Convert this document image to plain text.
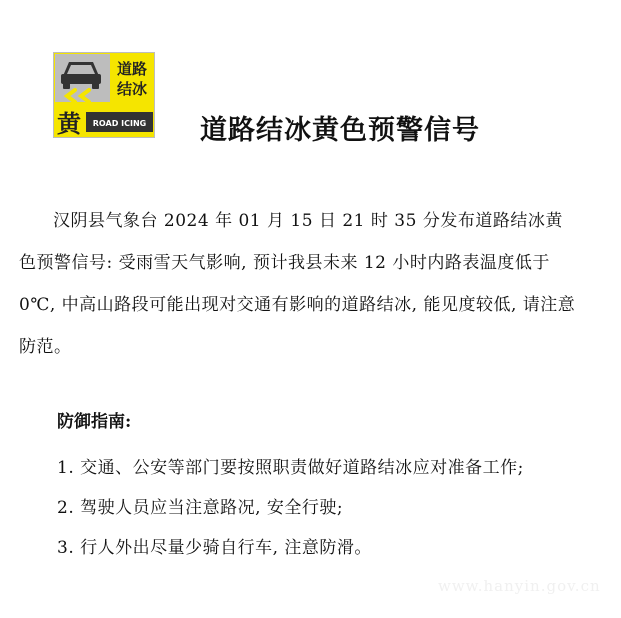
道路
结冰
黄 ROAD ICING 道路结冰黄色预警信号
汉阴县气象台 2024 年 01 月 15 日 21 时 35 分发布道路结冰黄色预警信号: 受雨雪天气影响, 预计我县未来 12 小时内路表温度低于 0℃, 中高山路段可能出现对交通有影响的道路结冰, 能见度较低, 请注意防范。
防御指南:
1. 交通、公安等部门要按照职责做好道路结冰应对准备工作;
2. 驾驶人员应当注意路况, 安全行驶;
3. 行人外出尽量少骑自行车, 注意防滑。
www.hanyin.gov.cn
